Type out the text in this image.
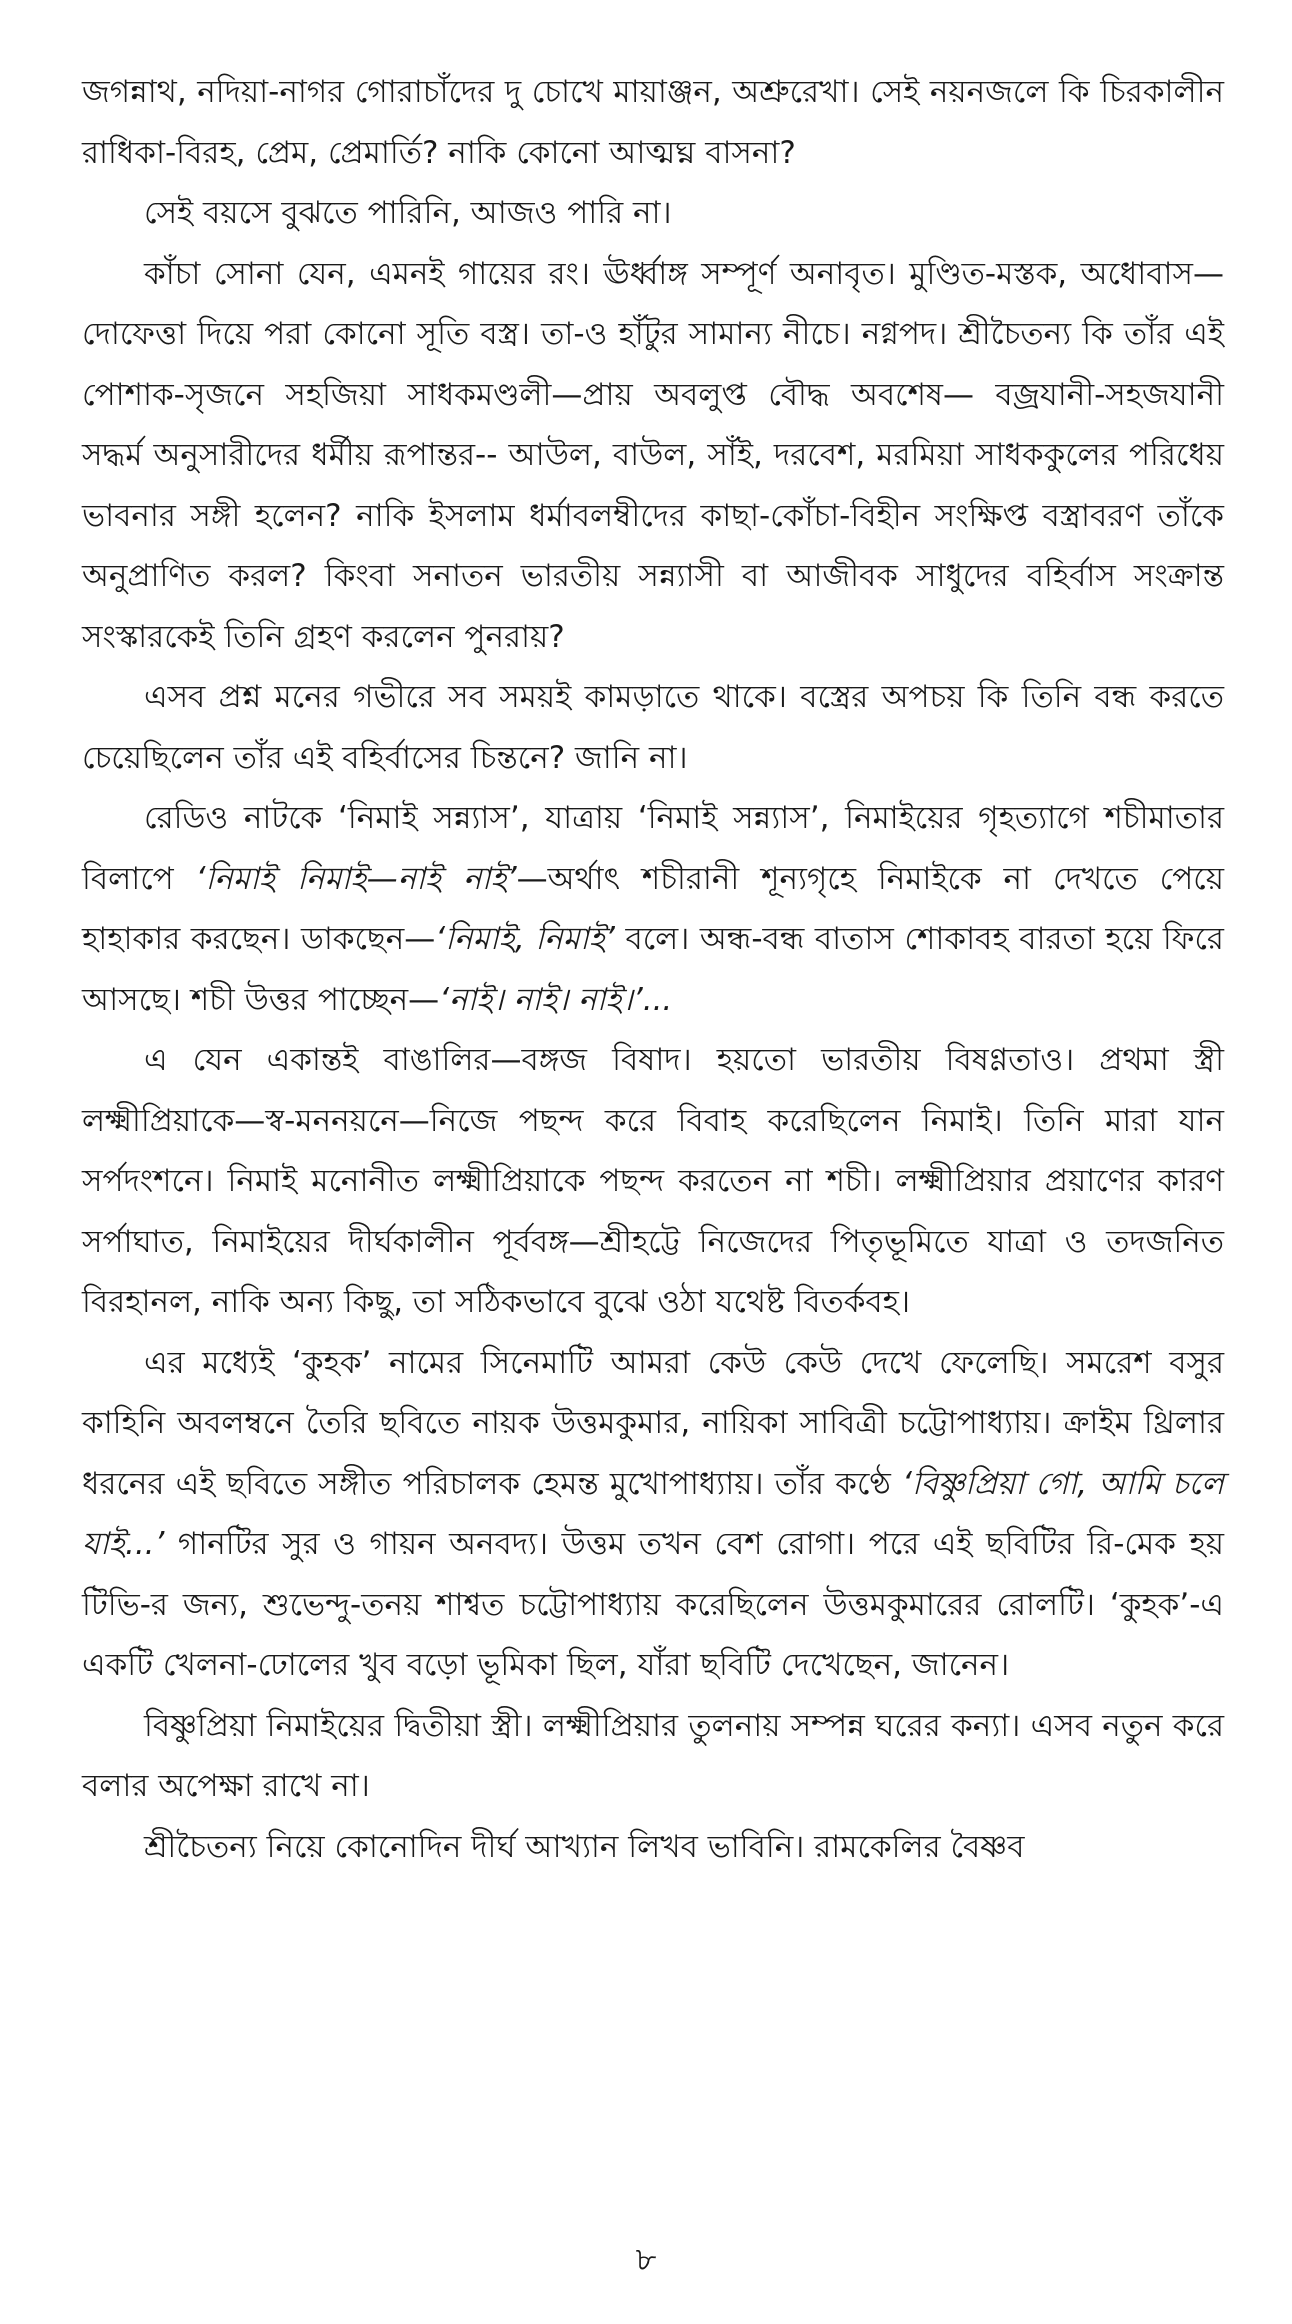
জগন্নাথ, নদিয়া-নাগর গোরাচাঁদের দু চোখে মায়াঞ্জন, অশ্রুরেখা। সেই নয়নজলে কি চিরকালীন রাধিকা-বিরহ, প্রেম, প্রেমার্তি? নাকি কোনো আত্মঘ্ন বাসনা?

সেই বয়সে বুঝতে পারিনি, আজও পারি না।

কাঁচা সোনা যেন, এমনই গায়ের রং। ঊর্ধ্বাঙ্গ সম্পূর্ণ অনাবৃত। মুণ্ডিত-মস্তক, অধোবাস—দোফেত্তা দিয়ে পরা কোনো সূতি বস্ত্র। তা-ও হাঁটুর সামান্য নীচে। নগ্নপদ। শ্রীচৈতন্য কি তাঁর এই পোশাক-সৃজনে সহজিয়া সাধকমণ্ডলী—প্রায় অবলুপ্ত বৌদ্ধ অবশেষ— বজ্রযানী-সহজযানী সদ্ধর্ম অনুসারীদের ধর্মীয় রূপান্তর-- আউল, বাউল, সাঁই, দরবেশ, মরমিয়া সাধককুলের পরিধেয় ভাবনার সঙ্গী হলেন? নাকি ইসলাম ধর্মাবলম্বীদের কাছা-কোঁচা-বিহীন সংক্ষিপ্ত বস্ত্রাবরণ তাঁকে অনুপ্রাণিত করল? কিংবা সনাতন ভারতীয় সন্ন্যাসী বা আজীবক সাধুদের বহির্বাস সংক্রান্ত সংস্কারকেই তিনি গ্রহণ করলেন পুনরায়?

এসব প্রশ্ন মনের গভীরে সব সময়ই কামড়াতে থাকে। বস্ত্রের অপচয় কি তিনি বন্ধ করতে চেয়েছিলেন তাঁর এই বহির্বাসের চিন্তনে? জানি না।

রেডিও নাটকে ‘নিমাই সন্ন্যাস’, যাত্রায় ‘নিমাই সন্ন্যাস’, নিমাইয়ের গৃহত্যাগে শচীমাতার বিলাপে ‘নিমাই নিমাই—নাই নাই’—অর্থাৎ শচীরানী শূন্যগৃহে নিমাইকে না দেখতে পেয়ে হাহাকার করছেন। ডাকছেন—‘নিমাই, নিমাই’ বলে। অন্ধ-বন্ধ বাতাস শোকাবহ বারতা হয়ে ফিরে আসছে। শচী উত্তর পাচ্ছেন—‘নাই। নাই। নাই।’...

এ যেন একান্তই বাঙালির—বঙ্গজ বিষাদ। হয়তো ভারতীয় বিষণ্ণতাও। প্রথমা স্ত্রী লক্ষ্মীপ্রিয়াকে—স্ব-মননয়নে—নিজে পছন্দ করে বিবাহ করেছিলেন নিমাই। তিনি মারা যান সর্পদংশনে। নিমাই মনোনীত লক্ষ্মীপ্রিয়াকে পছন্দ করতেন না শচী। লক্ষ্মীপ্রিয়ার প্রয়াণের কারণ সর্পাঘাত, নিমাইয়ের দীর্ঘকালীন পূর্ববঙ্গ—শ্রীহট্টে নিজেদের পিতৃভূমিতে যাত্রা ও তদজনিত বিরহানল, নাকি অন্য কিছু, তা সঠিকভাবে বুঝে ওঠা যথেষ্ট বিতর্কবহ।

এর মধ্যেই ‘কুহক’ নামের সিনেমাটি আমরা কেউ কেউ দেখে ফেলেছি। সমরেশ বসুর কাহিনি অবলম্বনে তৈরি ছবিতে নায়ক উত্তমকুমার, নায়িকা সাবিত্রী চট্টোপাধ্যায়। ক্রাইম থ্রিলার ধরনের এই ছবিতে সঙ্গীত পরিচালক হেমন্ত মুখোপাধ্যায়। তাঁর কণ্ঠে ‘বিষ্ণুপ্রিয়া গো, আমি চলে যাই...’ গানটির সুর ও গায়ন অনবদ্য। উত্তম তখন বেশ রোগা। পরে এই ছবিটির রি-মেক হয় টিভি-র জন্য, শুভেন্দু-তনয় শাশ্বত চট্টোপাধ্যায় করেছিলেন উত্তমকুমারের রোলটি। ‘কুহক’-এ একটি খেলনা-ঢোলের খুব বড়ো ভূমিকা ছিল, যাঁরা ছবিটি দেখেছেন, জানেন।

বিষ্ণুপ্রিয়া নিমাইয়ের দ্বিতীয়া স্ত্রী। লক্ষ্মীপ্রিয়ার তুলনায় সম্পন্ন ঘরের কন্যা। এসব নতুন করে বলার অপেক্ষা রাখে না।

শ্রীচৈতন্য নিয়ে কোনোদিন দীর্ঘ আখ্যান লিখব ভাবিনি। রামকেলির বৈষ্ণব

৮
